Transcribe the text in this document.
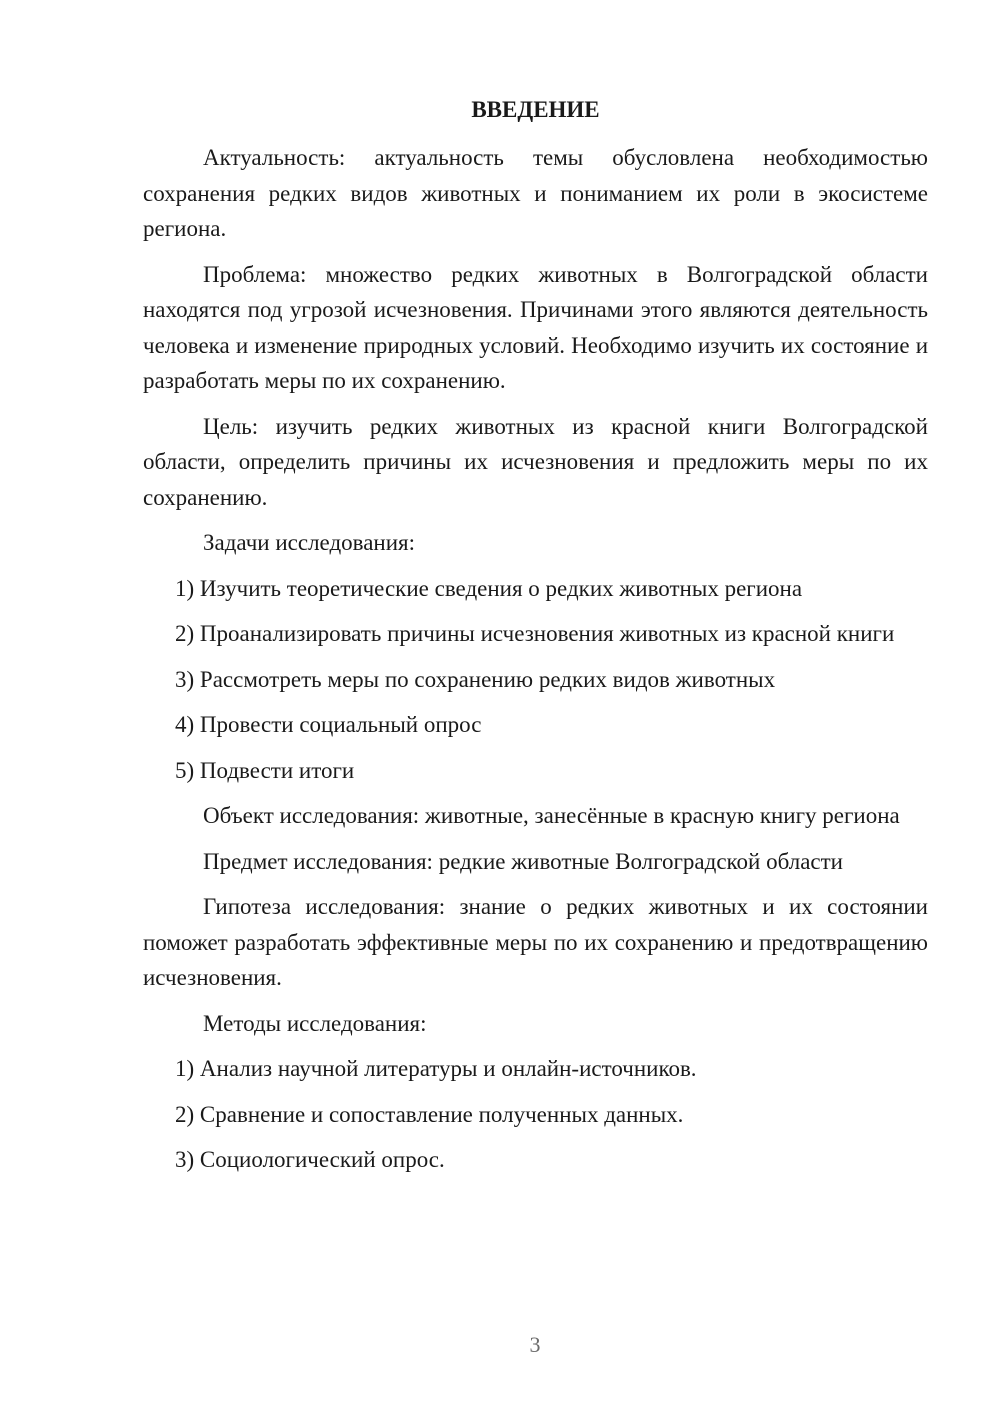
ВВЕДЕНИЕ

Актуальность: актуальность темы обусловлена необходимостью сохранения редких видов животных и пониманием их роли в экосистеме региона.

Проблема: множество редких животных в Волгоградской области находятся под угрозой исчезновения. Причинами этого являются деятельность человека и изменение природных условий. Необходимо изучить их состояние и разработать меры по их сохранению.

Цель: изучить редких животных из красной книги Волгоградской области, определить причины их исчезновения и предложить меры по их сохранению.

Задачи исследования:

1) Изучить теоретические сведения о редких животных региона

2) Проанализировать причины исчезновения животных из красной книги

3) Рассмотреть меры по сохранению редких видов животных

4) Провести социальный опрос

5) Подвести итоги

Объект исследования: животные, занесённые в красную книгу региона

Предмет исследования: редкие животные Волгоградской области

Гипотеза исследования: знание о редких животных и их состоянии поможет разработать эффективные меры по их сохранению и предотвращению исчезновения.

Методы исследования:

1) Анализ научной литературы и онлайн-источников.

2) Сравнение и сопоставление полученных данных.

3) Социологический опрос.

3
